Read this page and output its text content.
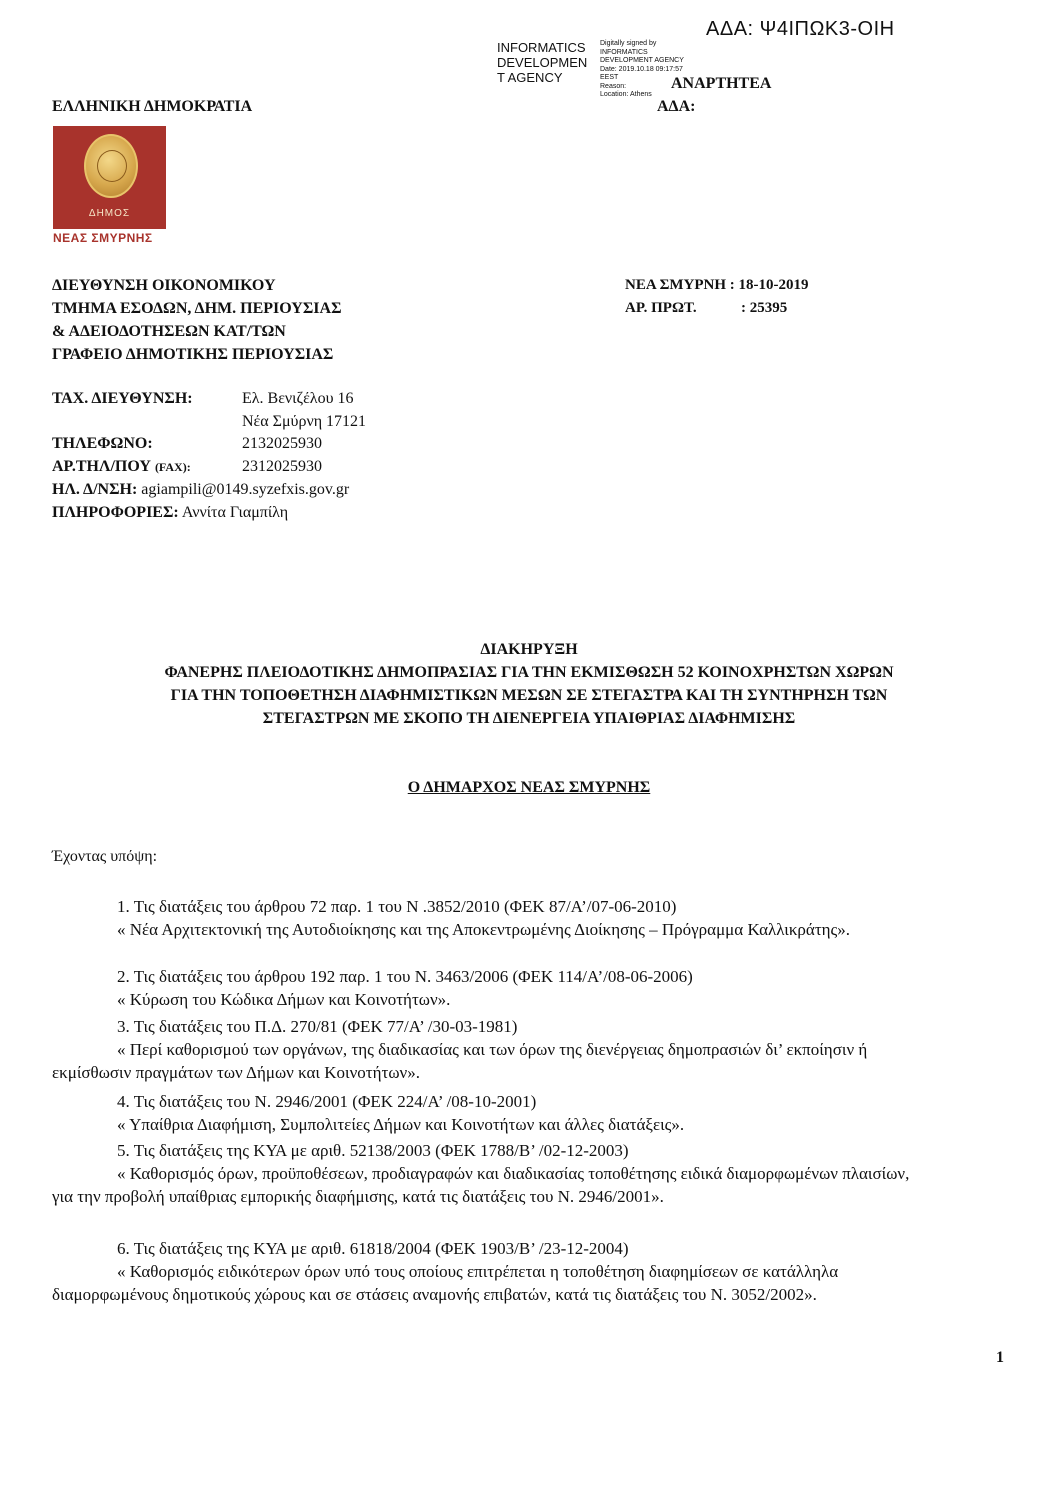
ΑΔΑ: Ψ4ΙΠΩΚ3-ΟΙΗ
INFORMATICS
DEVELOPMEN
T AGENCY
Digitally signed by
INFORMATICS
DEVELOPMENT AGENCY
Date: 2019.10.18 09:17:57
EEST
Reason:
Location: Athens
ΑΝΑΡΤΗΤΕΑ
ΑΔΑ:
ΕΛΛΗΝΙΚΗ ΔΗΜΟΚΡΑΤΙΑ
ΔΗΜΟΣ
ΝΕΑΣ ΣΜΥΡΝΗΣ
ΔΙΕΥΘΥΝΣΗ ΟΙΚΟΝΟΜΙΚΟΥ
ΤΜΗΜΑ ΕΣΟΔΩΝ, ΔΗΜ. ΠΕΡΙΟΥΣΙΑΣ
& ΑΔΕΙΟΔΟΤΗΣΕΩΝ ΚΑΤ/ΤΩΝ
ΓΡΑΦΕΙΟ ΔΗΜΟΤΙΚΗΣ ΠΕΡΙΟΥΣΙΑΣ
ΝΕΑ ΣΜΥΡΝΗ : 18-10-2019
ΑΡ. ΠΡΩΤ.	: 25395
ΤΑΧ. ΔΙΕΥΘΥΝΣΗ:	Ελ. Βενιζέλου 16
Νέα Σμύρνη 17121
ΤΗΛΕΦΩΝΟ:	2132025930
ΑΡ.ΤΗΛ/ΠΟΥ (FAX):	2312025930
ΗΛ. Δ/ΝΣΗ: agiampili@0149.syzefxis.gov.gr
ΠΛΗΡΟΦΟΡΙΕΣ: Αννίτα Γιαμπίλη
ΔΙΑΚΗΡΥΞΗ
ΦΑΝΕΡΗΣ ΠΛΕΙΟΔΟΤΙΚΗΣ ΔΗΜΟΠΡΑΣΙΑΣ ΓΙΑ ΤΗΝ ΕΚΜΙΣΘΩΣΗ 52 ΚΟΙΝΟΧΡΗΣΤΩΝ ΧΩΡΩΝ
ΓΙΑ ΤΗΝ ΤΟΠΟΘΕΤΗΣΗ ΔΙΑΦΗΜΙΣΤΙΚΩΝ ΜΕΣΩΝ ΣΕ ΣΤΕΓΑΣΤΡΑ ΚΑΙ ΤΗ ΣΥΝΤΗΡΗΣΗ ΤΩΝ
ΣΤΕΓΑΣΤΡΩΝ ΜΕ ΣΚΟΠΟ ΤΗ ΔΙΕΝΕΡΓΕΙΑ ΥΠΑΙΘΡΙΑΣ ΔΙΑΦΗΜΙΣΗΣ
Ο ΔΗΜΑΡΧΟΣ ΝΕΑΣ ΣΜΥΡΝΗΣ
Έχοντας υπόψη:
1. Τις διατάξεις του άρθρου 72 παρ. 1 του Ν .3852/2010 (ΦΕΚ 87/Α’/07-06-2010)
« Νέα Αρχιτεκτονική της Αυτοδιοίκησης και της Αποκεντρωμένης Διοίκησης – Πρόγραμμα Καλλικράτης».
2. Τις διατάξεις του άρθρου 192 παρ. 1 του Ν. 3463/2006 (ΦΕΚ 114/Α’/08-06-2006)
« Κύρωση του Κώδικα Δήμων και Κοινοτήτων».
3. Τις διατάξεις του Π.Δ. 270/81 (ΦΕΚ 77/Α’ /30-03-1981)
« Περί καθορισμού των οργάνων, της διαδικασίας και των όρων της διενέργειας δημοπρασιών δι’ εκποίησιν ή εκμίσθωσιν πραγμάτων των Δήμων και Κοινοτήτων».
4. Τις διατάξεις του Ν. 2946/2001 (ΦΕΚ 224/Α’ /08-10-2001)
« Υπαίθρια Διαφήμιση, Συμπολιτείες Δήμων και Κοινοτήτων και άλλες διατάξεις».
5. Τις διατάξεις της ΚΥΑ με αριθ. 52138/2003 (ΦΕΚ 1788/Β’ /02-12-2003)
« Καθορισμός όρων, προϋποθέσεων, προδιαγραφών και διαδικασίας τοποθέτησης ειδικά διαμορφωμένων πλαισίων, για την προβολή υπαίθριας εμπορικής διαφήμισης, κατά τις διατάξεις του Ν. 2946/2001».
6. Τις διατάξεις της ΚΥΑ με αριθ. 61818/2004 (ΦΕΚ 1903/Β’ /23-12-2004)
« Καθορισμός ειδικότερων όρων υπό τους οποίους επιτρέπεται η τοποθέτηση διαφημίσεων σε κατάλληλα διαμορφωμένους δημοτικούς χώρους και σε στάσεις αναμονής επιβατών, κατά τις διατάξεις του Ν. 3052/2002».
1
